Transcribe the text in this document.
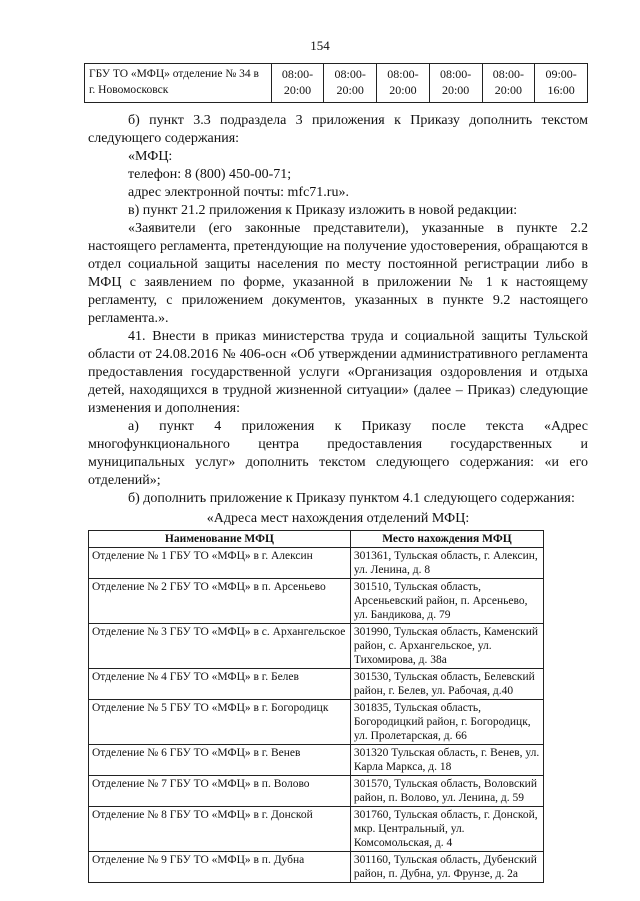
154
ГБУ ТО «МФЦ» отделение № 34 в г. Новомосковск	08:00-20:00	08:00-20:00	08:00-20:00	08:00-20:00	08:00-20:00	09:00-16:00

б) пункт 3.3 подраздела 3 приложения к Приказу дополнить текстом следующего содержания:

«МФЦ:

телефон: 8 (800) 450-00-71;

адрес электронной почты: mfc71.ru».

в) пункт 21.2 приложения к Приказу изложить в новой редакции:

«Заявители (его законные представители), указанные в пункте 2.2 настоящего регламента, претендующие на получение удостоверения, обращаются в отдел социальной защиты населения по месту постоянной регистрации либо в МФЦ с заявлением по форме, указанной в приложении № 1 к настоящему регламенту, с приложением документов, указанных в пункте 9.2 настоящего регламента.».

41. Внести в приказ министерства труда и социальной защиты Тульской области от 24.08.2016 № 406-осн «Об утверждении административного регламента предоставления государственной услуги «Организация оздоровления и отдыха детей, находящихся в трудной жизненной ситуации» (далее – Приказ) следующие изменения и дополнения:

а) пункт 4 приложения к Приказу после текста «Адрес многофункционального центра предоставления государственных и муниципальных услуг» дополнить текстом следующего содержания: «и его отделений»;

б) дополнить приложение к Приказу пунктом 4.1 следующего содержания:

«Адреса мест нахождения отделений МФЦ:

Наименование МФЦ	Место нахождения МФЦ
Отделение № 1 ГБУ ТО «МФЦ» в г. Алексин	301361, Тульская область, г. Алексин, ул. Ленина, д. 8
Отделение № 2 ГБУ ТО «МФЦ» в п. Арсеньево	301510, Тульская область, Арсеньевский район, п. Арсеньево, ул. Бандикова, д. 79
Отделение № 3 ГБУ ТО «МФЦ» в с. Архангельское	301990, Тульская область, Каменский район, с. Архангельское, ул. Тихомирова, д. 38а
Отделение № 4 ГБУ ТО «МФЦ» в г. Белев	301530, Тульская область, Белевский район, г. Белев, ул. Рабочая, д.40
Отделение № 5 ГБУ ТО «МФЦ» в г. Богородицк	301835, Тульская область, Богородицкий район, г. Богородицк, ул. Пролетарская, д. 66
Отделение № 6 ГБУ ТО «МФЦ» в г. Венев	301320 Тульская область, г. Венев, ул. Карла Маркса, д. 18
Отделение № 7 ГБУ ТО «МФЦ» в п. Волово	301570, Тульская область, Воловский район, п. Волово, ул. Ленина, д. 59
Отделение № 8 ГБУ ТО «МФЦ» в г. Донской	301760, Тульская область, г. Донской, мкр. Центральный, ул. Комсомольская, д. 4
Отделение № 9 ГБУ ТО «МФЦ» в п. Дубна	301160, Тульская область, Дубенский район, п. Дубна, ул. Фрунзе, д. 2а
